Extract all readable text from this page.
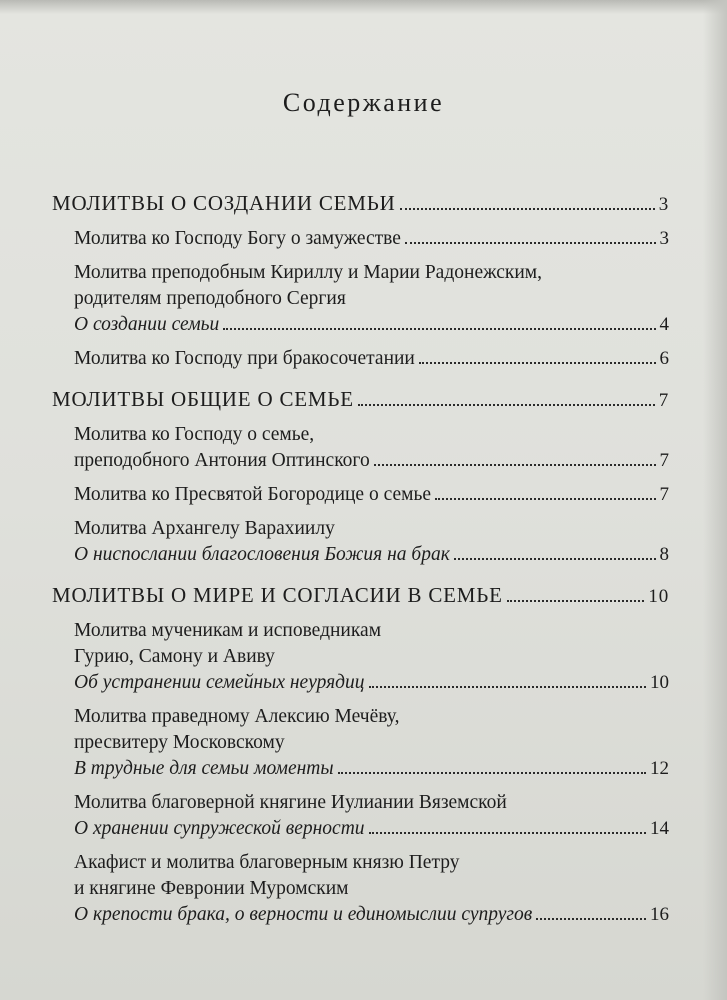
Содержание
МОЛИТВЫ О СОЗДАНИИ СЕМЬИ	3
Молитва ко Господу Богу о замужестве	3
Молитва преподобным Кириллу и Марии Радонежским,
родителям преподобного Сергия
О создании семьи	4
Молитва ко Господу при бракосочетании	6
МОЛИТВЫ ОБЩИЕ О СЕМЬЕ	7
Молитва ко Господу о семье,
преподобного Антония Оптинского	7
Молитва ко Пресвятой Богородице о семье	7
Молитва Архангелу Варахиилу
О ниспослании благословения Божия на брак	8
МОЛИТВЫ О МИРЕ И СОГЛАСИИ В СЕМЬЕ	10
Молитва мученикам и исповедникам
Гурию, Самону и Авиву
Об устранении семейных неурядиц	10
Молитва праведному Алексию Мечёву,
пресвитеру Московскому
В трудные для семьи моменты	12
Молитва благоверной княгине Иулиании Вяземской
О хранении супружеской верности	14
Акафист и молитва благоверным князю Петру
и княгине Февронии Муромским
О крепости брака, о верности и единомыслии супругов	16
